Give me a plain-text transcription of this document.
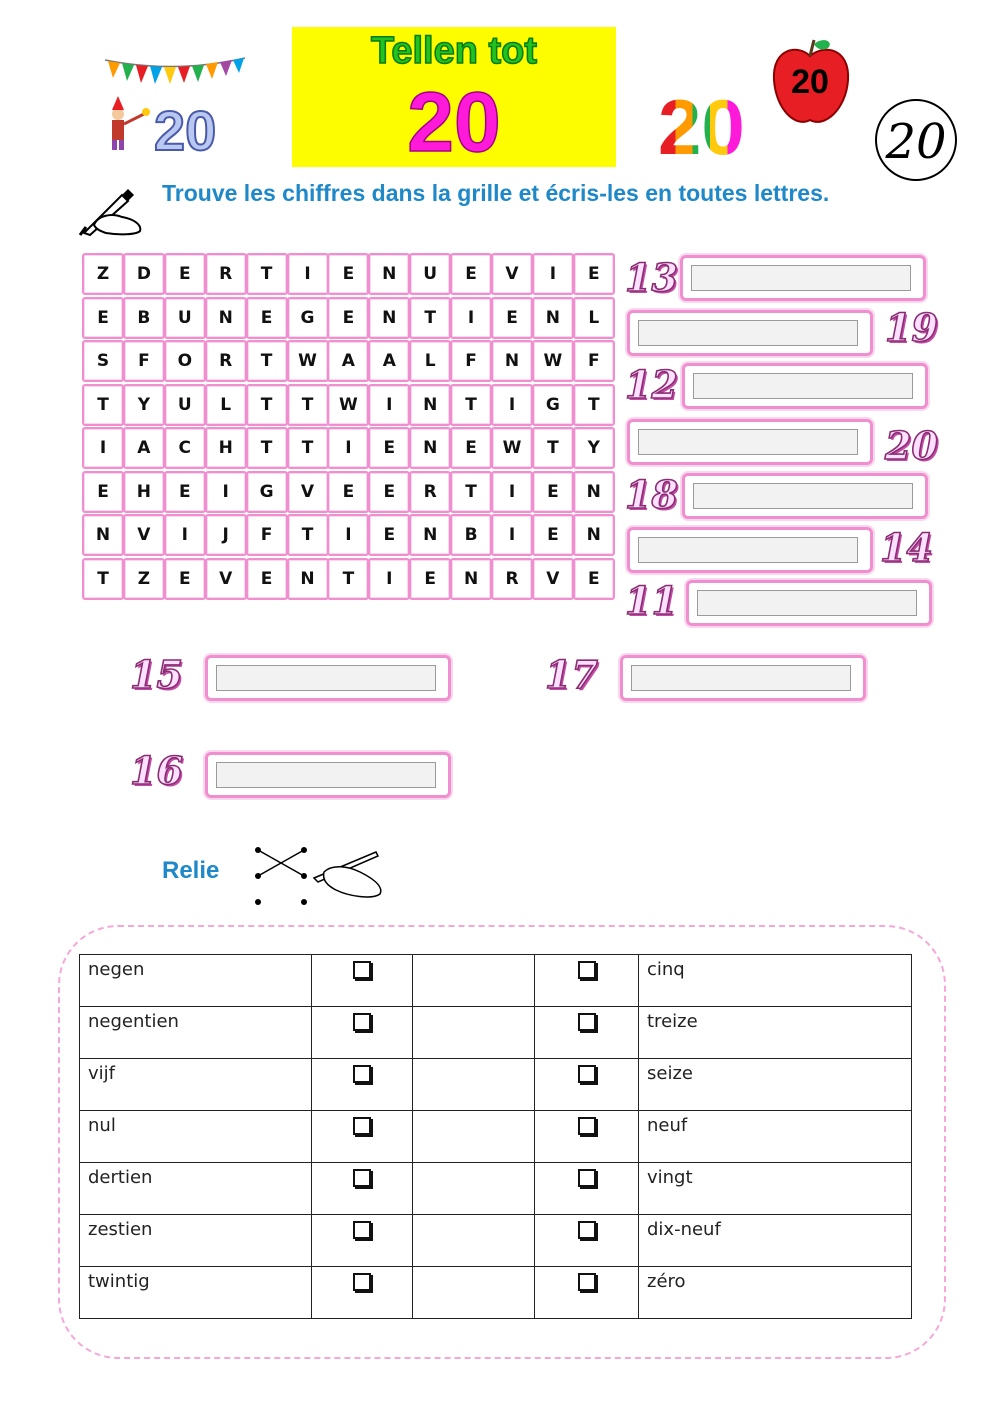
20
Tellen tot
20	20
20
20
Trouve les chiffres dans la grille et écris-les en toutes lettres.
Z	D	E	R	T	I	E	N	U	E	V	I	E
E	B	U	N	E	G	E	N	T	I	E	N	L
S	F	O	R	T	W	A	A	L	F	N	W	F
T	Y	U	L	T	T	W	I	N	T	I	G	T
I	A	C	H	T	T	I	E	N	E	W	T	Y
E	H	E	I	G	V	E	E	R	T	I	E	N
N	V	I	J	F	T	I	E	N	B	I	E	N
T	Z	E	V	E	N	T	I	E	N	R	V	E
13
19
12
20
18
14
11
15	17
16
Relie
negen				cinq
negentien				treize
vijf				seize
nul				neuf
dertien				vingt
zestien				dix-neuf
twintig				zéro
